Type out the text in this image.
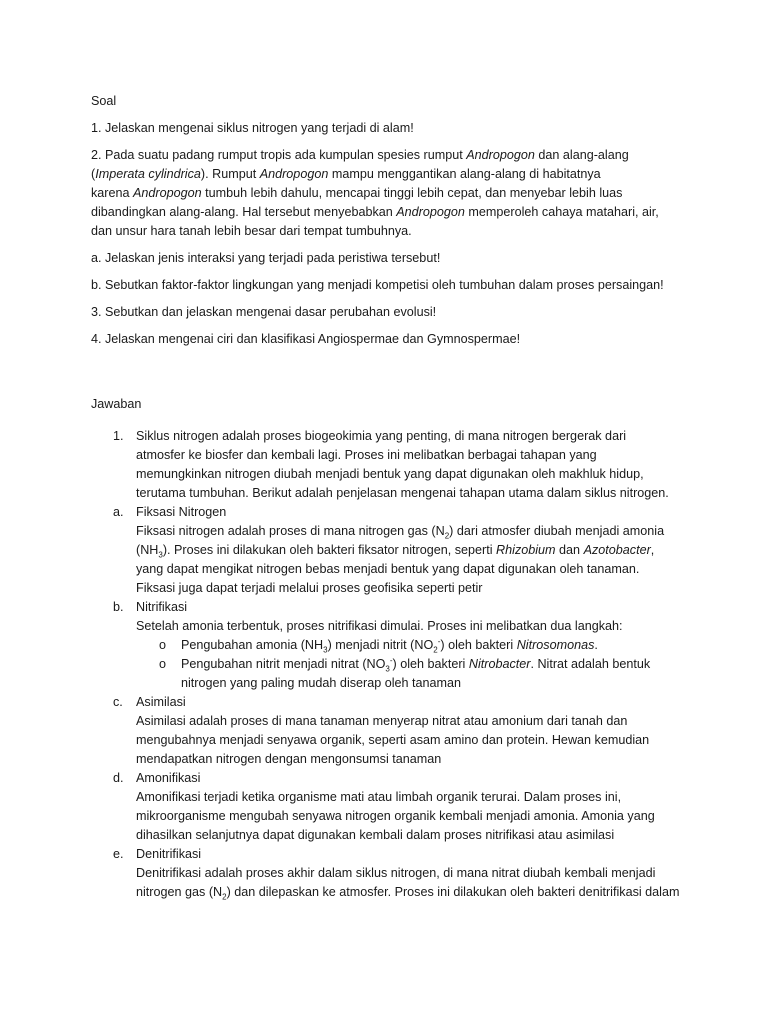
Soal
1. Jelaskan mengenai siklus nitrogen yang terjadi di alam!
2. Pada suatu padang rumput tropis ada kumpulan spesies rumput Andropogon dan alang-alang
(Imperata cylindrica). Rumput Andropogon mampu menggantikan alang-alang di habitatnya
karena Andropogon tumbuh lebih dahulu, mencapai tinggi lebih cepat, dan menyebar lebih luas
dibandingkan alang-alang. Hal tersebut menyebabkan Andropogon memperoleh cahaya matahari, air,
dan unsur hara tanah lebih besar dari tempat tumbuhnya.
a. Jelaskan jenis interaksi yang terjadi pada peristiwa tersebut!
b. Sebutkan faktor-faktor lingkungan yang menjadi kompetisi oleh tumbuhan dalam proses persaingan!
3. Sebutkan dan jelaskan mengenai dasar perubahan evolusi!
4. Jelaskan mengenai ciri dan klasifikasi Angiospermae dan Gymnospermae!
Jawaban
1. Siklus nitrogen adalah proses biogeokimia yang penting, di mana nitrogen bergerak dari
atmosfer ke biosfer dan kembali lagi. Proses ini melibatkan berbagai tahapan yang
memungkinkan nitrogen diubah menjadi bentuk yang dapat digunakan oleh makhluk hidup,
terutama tumbuhan. Berikut adalah penjelasan mengenai tahapan utama dalam siklus nitrogen.
a. Fiksasi Nitrogen
Fiksasi nitrogen adalah proses di mana nitrogen gas $(N_2)$ dari atmosfer diubah menjadi amonia
$(NH_3)$. Proses ini dilakukan oleh bakteri fiksator nitrogen, seperti Rhizobium dan Azotobacter,
yang dapat mengikat nitrogen bebas menjadi bentuk yang dapat digunakan oleh tanaman.
Fiksasi juga dapat terjadi melalui proses geofisika seperti petir
b. Nitrifikasi
Setelah amonia terbentuk, proses nitrifikasi dimulai. Proses ini melibatkan dua langkah:
o Pengubahan amonia $(NH_3)$ menjadi nitrit $(NO_2^-)$ oleh bakteri Nitrosomonas.
o Pengubahan nitrit menjadi nitrat $(NO_3^-)$ oleh bakteri Nitrobacter. Nitrat adalah bentuk
nitrogen yang paling mudah diserap oleh tanaman
c. Asimilasi
Asimilasi adalah proses di mana tanaman menyerap nitrat atau amonium dari tanah dan
mengubahnya menjadi senyawa organik, seperti asam amino dan protein. Hewan kemudian
mendapatkan nitrogen dengan mengonsumsi tanaman
d. Amonifikasi
Amonifikasi terjadi ketika organisme mati atau limbah organik terurai. Dalam proses ini,
mikroorganisme mengubah senyawa nitrogen organik kembali menjadi amonia. Amonia yang
dihasilkan selanjutnya dapat digunakan kembali dalam proses nitrifikasi atau asimilasi
e. Denitrifikasi
Denitrifikasi adalah proses akhir dalam siklus nitrogen, di mana nitrat diubah kembali menjadi
nitrogen gas $(N_2)$ dan dilepaskan ke atmosfer. Proses ini dilakukan oleh bakteri denitrifikasi dalam
